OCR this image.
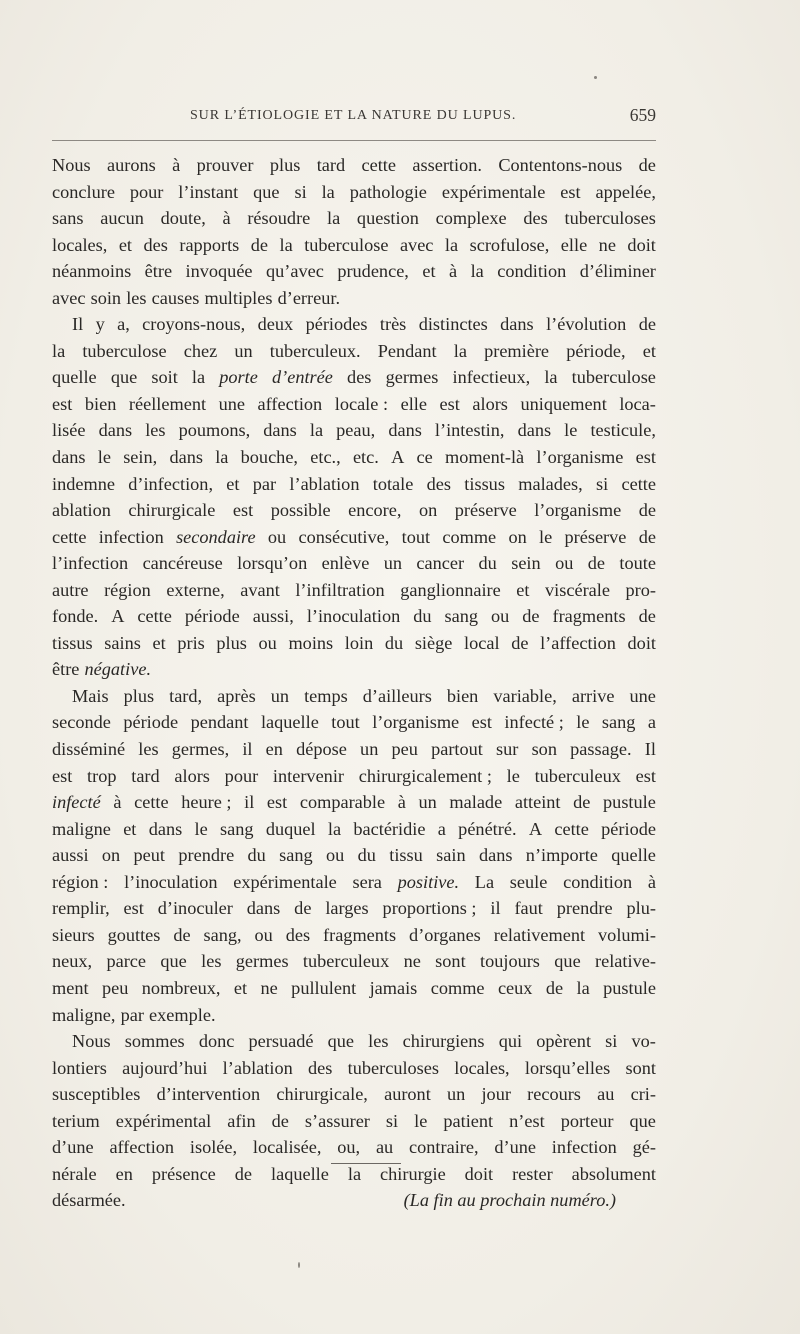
SUR L’ÉTIOLOGIE ET LA NATURE DU LUPUS.	659
Nous aurons à prouver plus tard cette assertion. Contentons-nous de
conclure pour l’instant que si la pathologie expérimentale est appelée,
sans aucun doute, à résoudre la question complexe des tuberculoses
locales, et des rapports de la tuberculose avec la scrofulose, elle ne doit
néanmoins être invoquée qu’avec prudence, et à la condition d’éliminer
avec soin les causes multiples d’erreur.
Il y a, croyons-nous, deux périodes très distinctes dans l’évolution de
la tuberculose chez un tuberculeux. Pendant la première période, et
quelle que soit la porte d’entrée des germes infectieux, la tuberculose
est bien réellement une affection locale : elle est alors uniquement loca-
lisée dans les poumons, dans la peau, dans l’intestin, dans le testicule,
dans le sein, dans la bouche, etc., etc. A ce moment-là l’organisme est
indemne d’infection, et par l’ablation totale des tissus malades, si cette
ablation chirurgicale est possible encore, on préserve l’organisme de
cette infection secondaire ou consécutive, tout comme on le préserve de
l’infection cancéreuse lorsqu’on enlève un cancer du sein ou de toute
autre région externe, avant l’infiltration ganglionnaire et viscérale pro-
fonde. A cette période aussi, l’inoculation du sang ou de fragments de
tissus sains et pris plus ou moins loin du siège local de l’affection doit
être négative.
Mais plus tard, après un temps d’ailleurs bien variable, arrive une
seconde période pendant laquelle tout l’organisme est infecté ; le sang a
disséminé les germes, il en dépose un peu partout sur son passage. Il
est trop tard alors pour intervenir chirurgicalement ; le tuberculeux est
infecté à cette heure ; il est comparable à un malade atteint de pustule
maligne et dans le sang duquel la bactéridie a pénétré. A cette période
aussi on peut prendre du sang ou du tissu sain dans n’importe quelle
région : l’inoculation expérimentale sera positive. La seule condition à
remplir, est d’inoculer dans de larges proportions ; il faut prendre plu-
sieurs gouttes de sang, ou des fragments d’organes relativement volumi-
neux, parce que les germes tuberculeux ne sont toujours que relative-
ment peu nombreux, et ne pullulent jamais comme ceux de la pustule
maligne, par exemple.
Nous sommes donc persuadé que les chirurgiens qui opèrent si vo-
lontiers aujourd’hui l’ablation des tuberculoses locales, lorsqu’elles sont
susceptibles d’intervention chirurgicale, auront un jour recours au cri-
terium expérimental afin de s’assurer si le patient n’est porteur que
d’une affection isolée, localisée, ou, au contraire, d’une infection gé-
nérale en présence de laquelle la chirurgie doit rester absolument
désarmée.	(La fin au prochain numéro.)
